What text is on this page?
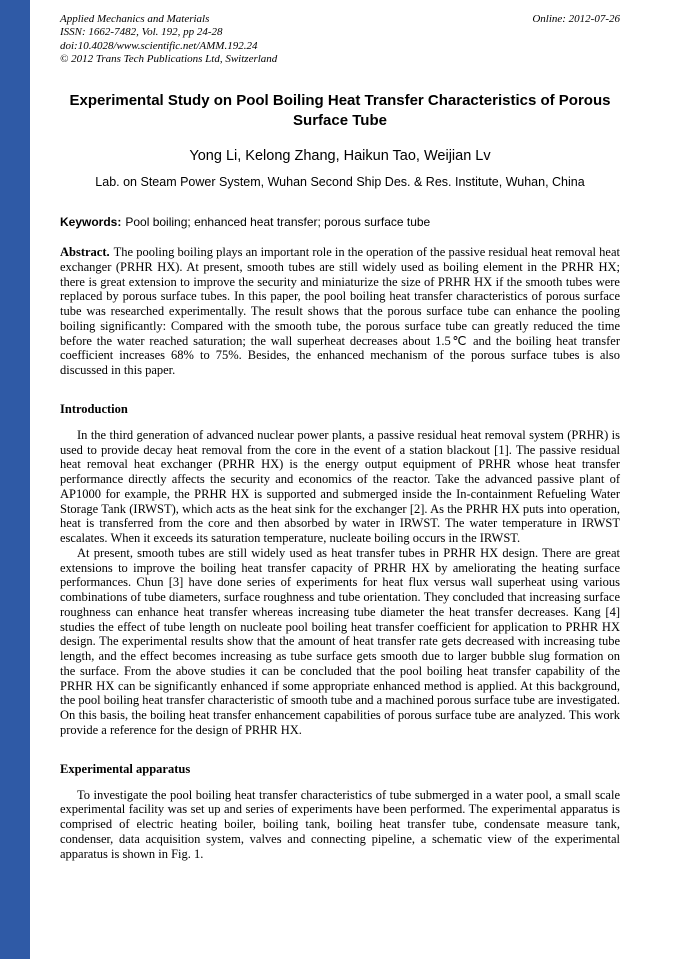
Applied Mechanics and Materials
ISSN: 1662-7482, Vol. 192, pp 24-28
doi:10.4028/www.scientific.net/AMM.192.24
© 2012 Trans Tech Publications Ltd, Switzerland
Online: 2012-07-26
Experimental Study on Pool Boiling Heat Transfer Characteristics of Porous Surface Tube
Yong Li, Kelong Zhang, Haikun Tao, Weijian Lv
Lab. on Steam Power System, Wuhan Second Ship Des. & Res. Institute, Wuhan, China

Keywords: Pool boiling; enhanced heat transfer; porous surface tube

Abstract. The pooling boiling plays an important role in the operation of the passive residual heat removal heat exchanger (PRHR HX). At present, smooth tubes are still widely used as boiling element in the PRHR HX; there is great extension to improve the security and miniaturize the size of PRHR HX if the smooth tubes were replaced by porous surface tubes. In this paper, the pool boiling heat transfer characteristics of porous surface tube was researched experimentally. The result shows that the porous surface tube can enhance the pooling boiling significantly: Compared with the smooth tube, the porous surface tube can greatly reduced the time before the water reached saturation; the wall superheat decreases about 1.5℃ and the boiling heat transfer coefficient increases 68% to 75%. Besides, the enhanced mechanism of the porous surface tubes is also discussed in this paper.

Introduction

In the third generation of advanced nuclear power plants, a passive residual heat removal system (PRHR) is used to provide decay heat removal from the core in the event of a station blackout [1]. The passive residual heat removal heat exchanger (PRHR HX) is the energy output equipment of PRHR whose heat transfer performance directly affects the security and economics of the reactor. Take the advanced passive plant of AP1000 for example, the PRHR HX is supported and submerged inside the In-containment Refueling Water Storage Tank (IRWST), which acts as the heat sink for the exchanger [2]. As the PRHR HX puts into operation, heat is transferred from the core and then absorbed by water in IRWST. The water temperature in IRWST escalates. When it exceeds its saturation temperature, nucleate boiling occurs in the IRWST.

At present, smooth tubes are still widely used as heat transfer tubes in PRHR HX design. There are great extensions to improve the boiling heat transfer capacity of PRHR HX by ameliorating the heating surface performances. Chun [3] have done series of experiments for heat flux versus wall superheat using various combinations of tube diameters, surface roughness and tube orientation. They concluded that increasing surface roughness can enhance heat transfer whereas increasing tube diameter the heat transfer decreases. Kang [4] studies the effect of tube length on nucleate pool boiling heat transfer coefficient for application to PRHR HX design. The experimental results show that the amount of heat transfer rate gets decreased with increasing tube length, and the effect becomes increasing as tube surface gets smooth due to larger bubble slug formation on the surface. From the above studies it can be concluded that the pool boiling heat transfer capability of the PRHR HX can be significantly enhanced if some appropriate enhanced method is applied. At this background, the pool boiling heat transfer characteristic of smooth tube and a machined porous surface tube are investigated. On this basis, the boiling heat transfer enhancement capabilities of porous surface tube are analyzed. This work provide a reference for the design of PRHR HX.

Experimental apparatus

To investigate the pool boiling heat transfer characteristics of tube submerged in a water pool, a small scale experimental facility was set up and series of experiments have been performed. The experimental apparatus is comprised of electric heating boiler, boiling tank, boiling heat transfer tube, condensate measure tank, condenser, data acquisition system, valves and connecting pipeline, a schematic view of the experimental apparatus is shown in Fig. 1.
